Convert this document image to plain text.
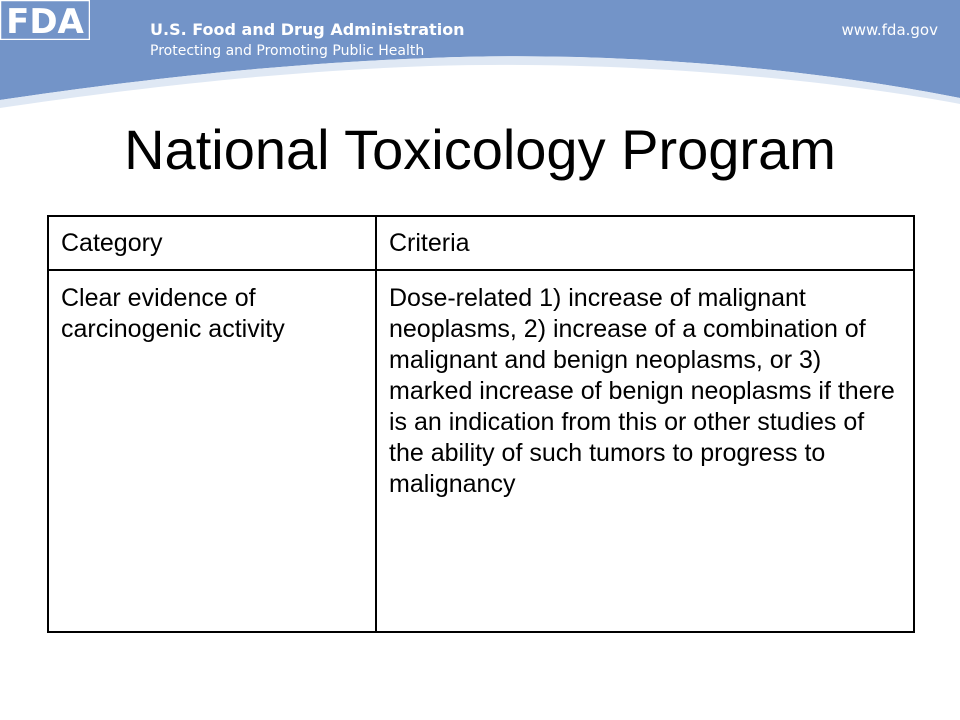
FDA	U.S. Food and Drug Administration
Protecting and Promoting Public Health
www.fda.gov
National Toxicology Program
Category	Criteria
Clear evidence of carcinogenic activity	Dose-related 1) increase of malignant neoplasms, 2) increase of a combination of malignant and benign neoplasms, or 3) marked increase of benign neoplasms if there is an indication from this or other studies of the ability of such tumors to progress to malignancy
